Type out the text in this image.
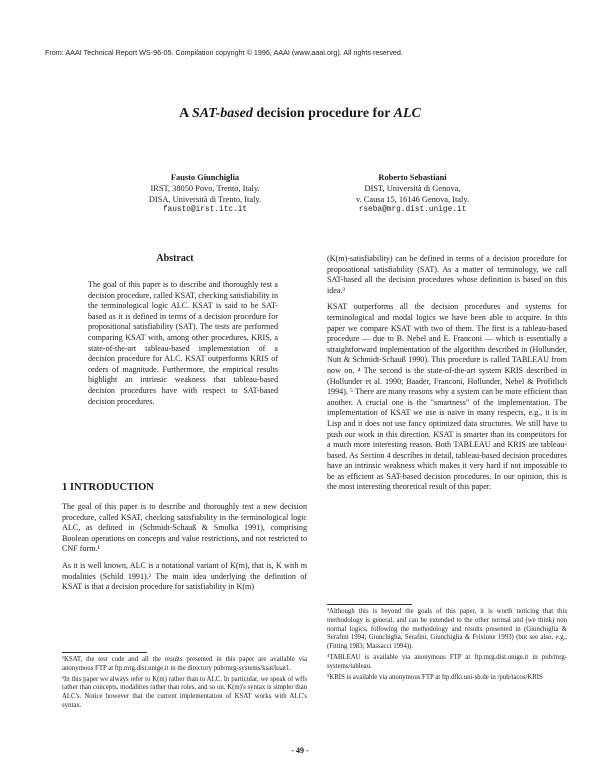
From: AAAI Technical Report WS-96-05. Compilation copyright © 1996, AAAI (www.aaai.org). All rights reserved.
A SAT-based decision procedure for ALC
Fausto Giunchiglia
IRST, 38050 Povo, Trento, Italy.
DISA, Università di Trento, Italy.
fausto@irst.itc.it
Roberto Sebastiani
DIST, Università di Genova,
v. Causa 15, 16146 Genova, Italy.
rseba@mrg.dist.unige.it
Abstract

The goal of this paper is to describe and thoroughly test a decision procedure, called KSAT, checking satisfiability in the terminological logic ALC. KSAT is said to be SAT-based as it is defined in terms of a decision procedure for propositional satisfiability (SAT). The tests are performed comparing KSAT with, among other procedures, KRIS, a state-of-the-art tableau-based implementation of a decision procedure for ALC. KSAT outperforms KRIS of orders of magnitude. Furthermore, the empirical results highlight an intrinsic weakness that tableau-based decision procedures have with respect to SAT-based decision procedures.

1 INTRODUCTION

The goal of this paper is to describe and thoroughly test a new decision procedure, called KSAT, checking satisfiability in the terminological logic ALC, as defined in (Schmidt-Schauß & Smolka 1991), comprising Boolean operations on concepts and value restrictions, and not restricted to CNF form.¹

As it is well known, ALC is a notational variant of K(m), that is, K with m modalities (Schild 1991).² The main idea underlying the definition of KSAT is that a decision procedure for satisfiability in K(m)

¹KSAT, the test code and all the results presented in this paper are available via anonymous FTP at ftp.mrg.dist.unige.it in the directory pub/mrg-systems/ksat/ksat1.

²In this paper we always refer to K(m) rather than to ALC. In particular, we speak of wffs rather than concepts, modalities rather than roles, and so on. K(m)'s syntax is simpler than ALC's. Notice however that the current implementation of KSAT works with ALC's syntax.

(K(m)-satisfiability) can be defined in terms of a decision procedure for propositional satisfiability (SAT). As a matter of terminology, we call SAT-based all the decision procedures whose definition is based on this idea.³

KSAT outperforms all the decision procedures and systems for terminological and modal logics we have been able to acquire. In this paper we compare KSAT with two of them. The first is a tableau-based procedure — due to B. Nebel and E. Franconi — which is essentially a straightforward implementation of the algorithm described in (Hollunder, Nutt & Schmidt-Schauß 1990). This procedure is called TABLEAU from now on. ⁴ The second is the state-of-the-art system KRIS described in (Hollunder et al. 1990; Baader, Franconi, Hollunder, Nebel & Profitlich 1994). ⁵ There are many reasons why a system can be more efficient than another. A crucial one is the "smartness" of the implementation. The implementation of KSAT we use is naive in many respects, e.g., it is in Lisp and it does not use fancy optimized data structures. We still have to push our work in this direction. KSAT is smarter than its competitors for a much more interesting reason. Both TABLEAU and KRIS are tableau-based. As Section 4 describes in detail, tableau-based decision procedures have an intrinsic weakness which makes it very hard if not impossible to be as efficient as SAT-based decision procedures. In our opinion, this is the most interesting theoretical result of this paper.

³Although this is beyond the goals of this paper, it is worth noticing that this methodology is general, and can be extended to the other normal and (we think) non normal logics, following the methodology and results presented in (Giunchiglia & Serafini 1994; Giunchiglia, Serafini, Giunchiglia & Frixione 1993) (but see also, e.g., (Fitting 1983; Massacci 1994)).

⁴TABLEAU is available via anonymous FTP at ftp.mrg.dist.unige.it in pub/mrg-systems/tableau.

⁵KRIS is available via anonymous FTP at ftp.dfki.uni-sb.de in /pub/tacos/KRIS

- 49 -
